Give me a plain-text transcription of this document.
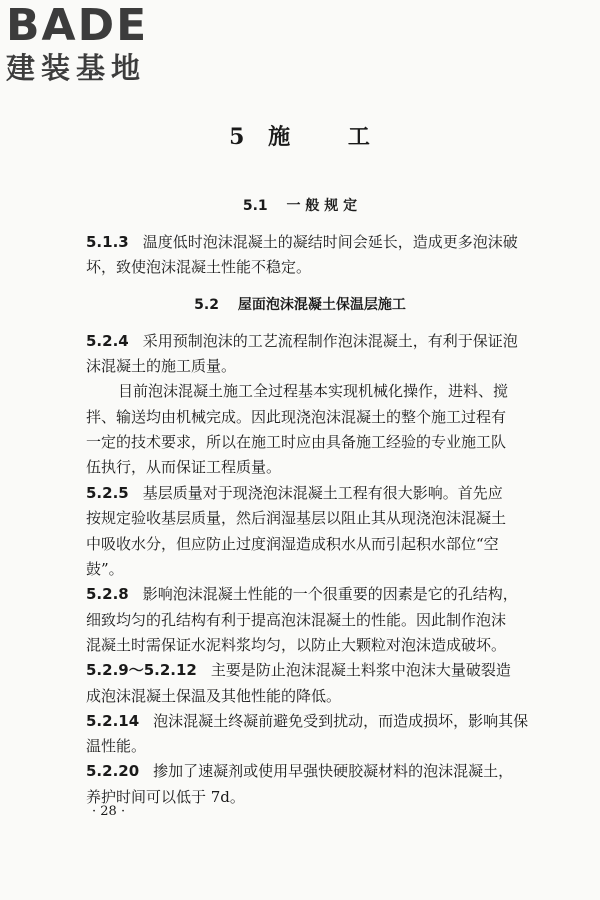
BADE
建装基地
5 施	工
5.1 一 般 规 定
5.2 屋面泡沫混凝土保温层施工
5.1.3 温度低时泡沫混凝土的凝结时间会延长，造成更多泡沫破
坏，致使泡沫混凝土性能不稳定。
5.2.4 采用预制泡沫的工艺流程制作泡沫混凝土，有利于保证泡
沫混凝土的施工质量。
目前泡沫混凝土施工全过程基本实现机械化操作，进料、搅
拌、输送均由机械完成。因此现浇泡沫混凝土的整个施工过程有
一定的技术要求，所以在施工时应由具备施工经验的专业施工队
伍执行，从而保证工程质量。
5.2.5 基层质量对于现浇泡沫混凝土工程有很大影响。首先应
按规定验收基层质量，然后润湿基层以阻止其从现浇泡沫混凝土
中吸收水分，但应防止过度润湿造成积水从而引起积水部位“空
鼓”。
5.2.8 影响泡沫混凝土性能的一个很重要的因素是它的孔结构，
细致均匀的孔结构有利于提高泡沫混凝土的性能。因此制作泡沫
混凝土时需保证水泥料浆均匀，以防止大颗粒对泡沫造成破坏。
5.2.9～5.2.12 主要是防止泡沫混凝土料浆中泡沫大量破裂造
成泡沫混凝土保温及其他性能的降低。
5.2.14 泡沫混凝土终凝前避免受到扰动，而造成损坏，影响其保
温性能。
5.2.20 掺加了速凝剂或使用早强快硬胶凝材料的泡沫混凝土，
养护时间可以低于 7d。
· 28 ·
